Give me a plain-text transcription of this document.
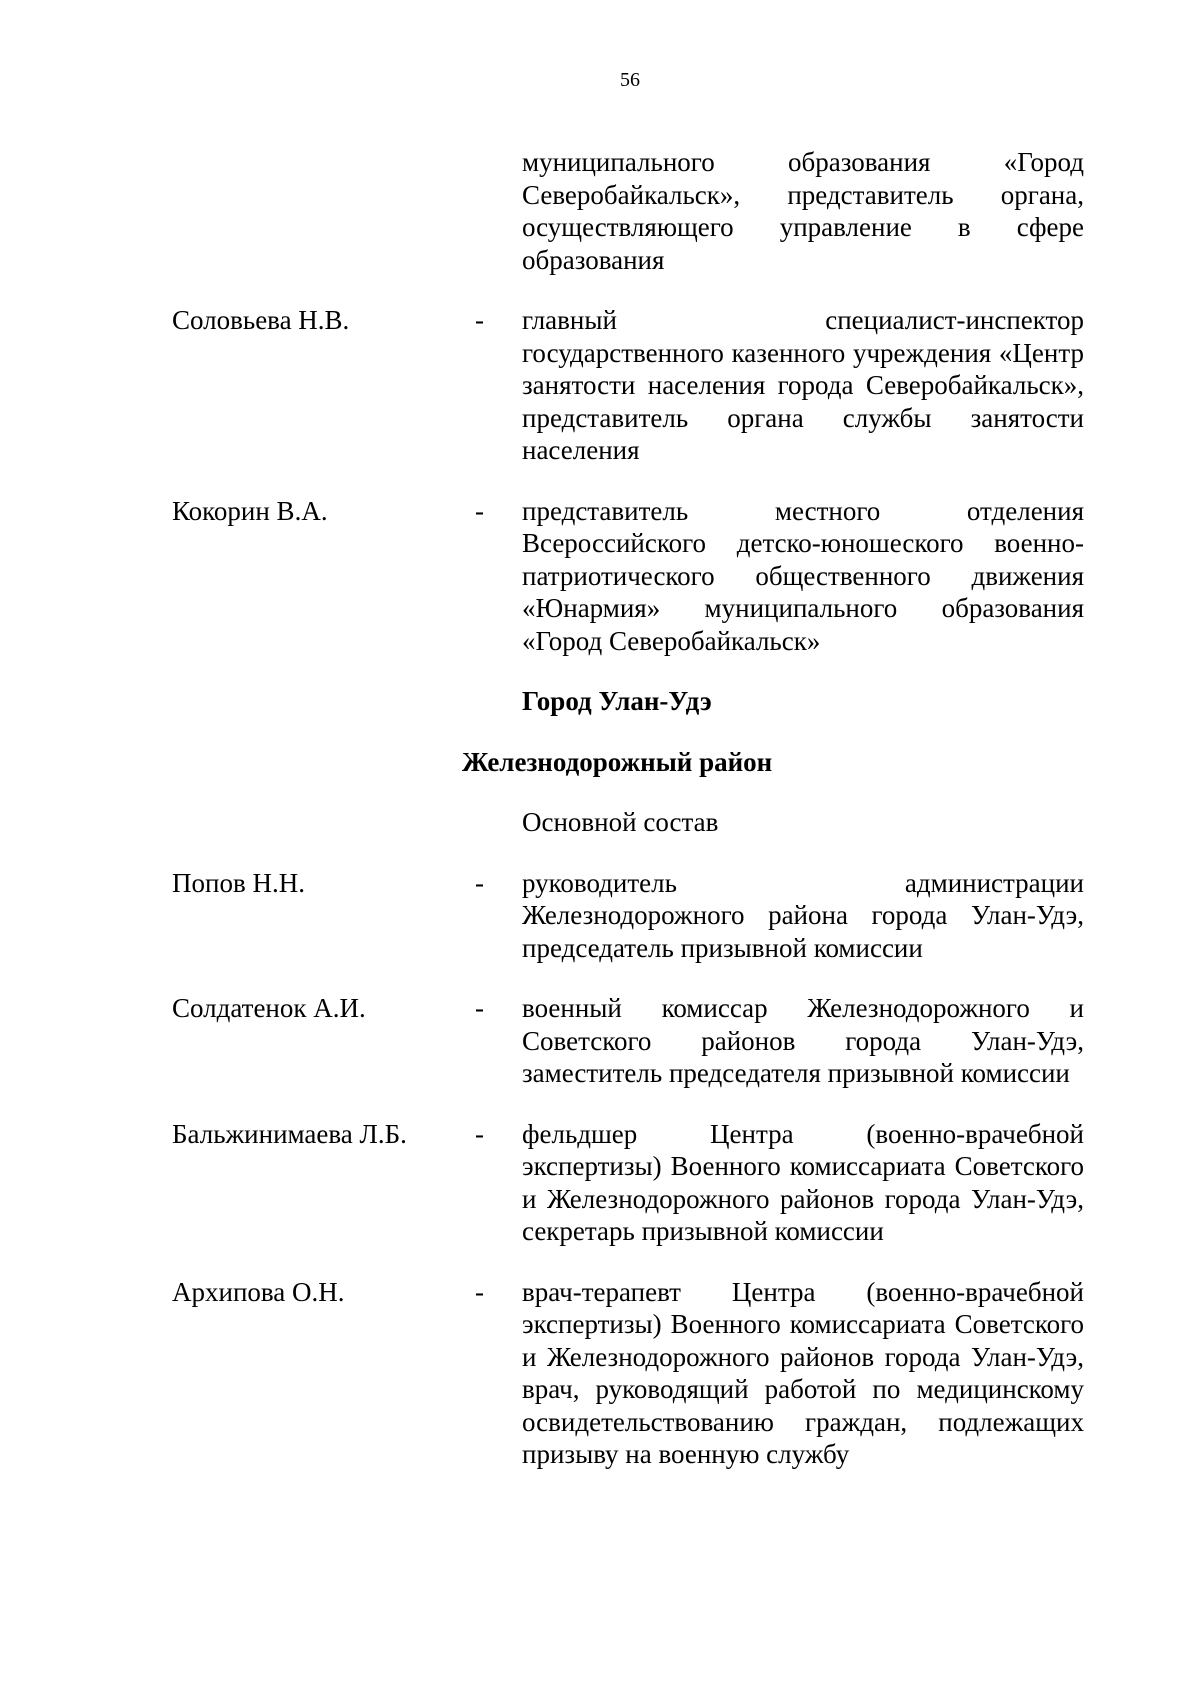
56
муниципального образования «Город Северобайкальск», представитель органа, осуществляющего управление в сфере образования
Соловьева Н.В.	- главный специалист-инспектор государственного казенного учреждения «Центр занятости населения города Северобайкальск», представитель органа службы занятости населения
Кокорин В.А.	- представитель местного отделения Всероссийского детско-юношеского военно-патриотического общественного движения «Юнармия» муниципального образования «Город Северобайкальск»
Город Улан-Удэ
Железнодорожный район
Основной состав
Попов Н.Н.	- руководитель администрации Железнодорожного района города Улан-Удэ, председатель призывной комиссии
Солдатенок А.И.	- военный комиссар Железнодорожного и Советского районов города Улан-Удэ, заместитель председателя призывной комиссии
Бальжинимаева Л.Б.	- фельдшер Центра (военно-врачебной экспертизы) Военного комиссариата Советского и Железнодорожного районов города Улан-Удэ, секретарь призывной комиссии
Архипова О.Н.	- врач-терапевт Центра (военно-врачебной экспертизы) Военного комиссариата Советского и Железнодорожного районов города Улан-Удэ, врач, руководящий работой по медицинскому освидетельствованию граждан, подлежащих призыву на военную службу
